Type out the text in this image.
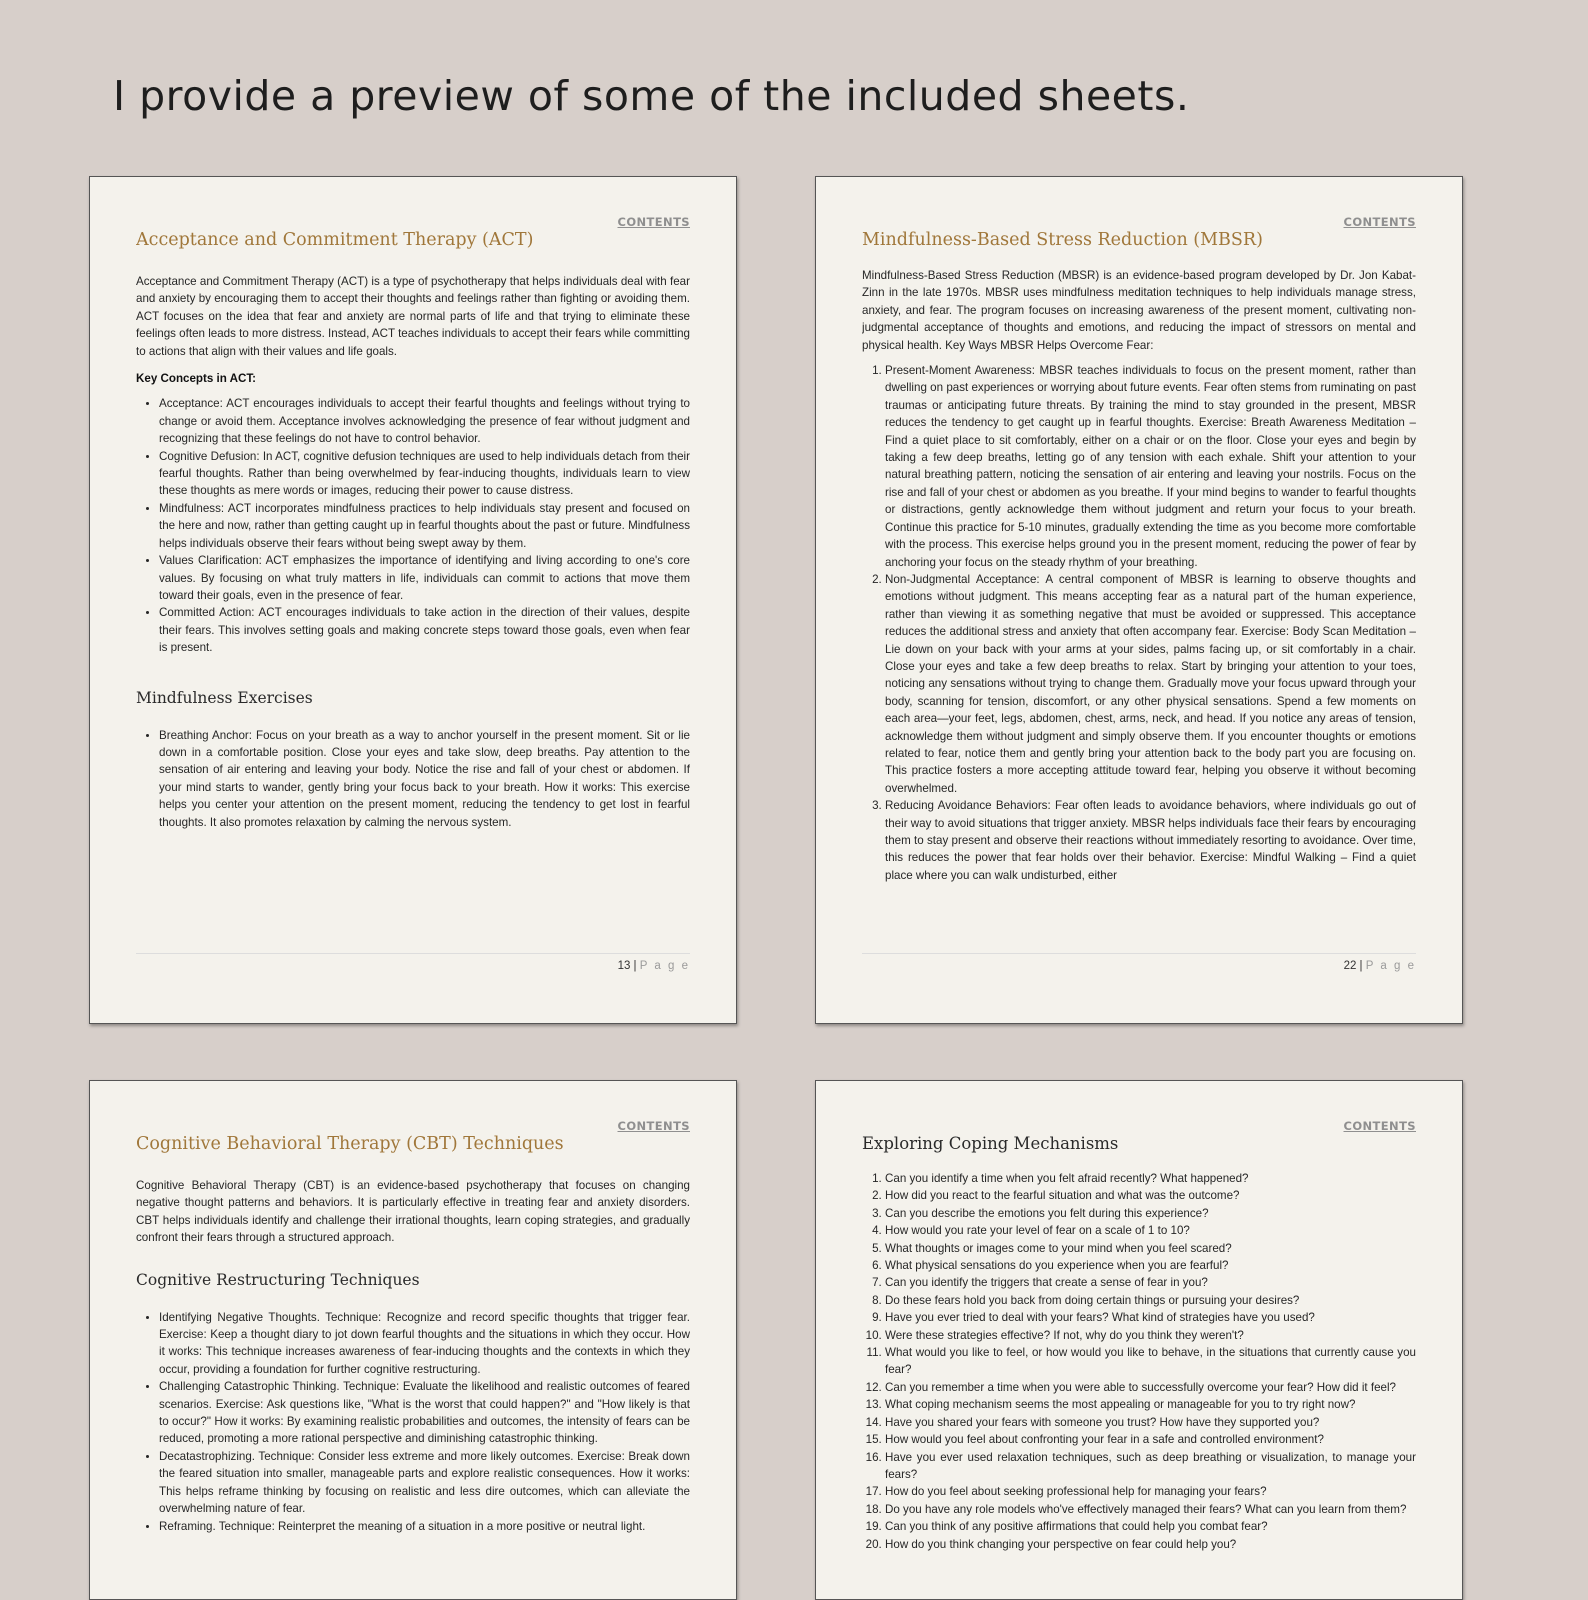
I provide a preview of some of the included sheets.
CONTENTS
Acceptance and Commitment Therapy (ACT)

Acceptance and Commitment Therapy (ACT) is a type of psychotherapy that helps individuals deal with fear and anxiety by encouraging them to accept their thoughts and feelings rather than fighting or avoiding them. ACT focuses on the idea that fear and anxiety are normal parts of life and that trying to eliminate these feelings often leads to more distress. Instead, ACT teaches individuals to accept their fears while committing to actions that align with their values and life goals.

Key Concepts in ACT:

• Acceptance: ACT encourages individuals to accept their fearful thoughts and feelings without trying to change or avoid them. Acceptance involves acknowledging the presence of fear without judgment and recognizing that these feelings do not have to control behavior.
• Cognitive Defusion: In ACT, cognitive defusion techniques are used to help individuals detach from their fearful thoughts. Rather than being overwhelmed by fear-inducing thoughts, individuals learn to view these thoughts as mere words or images, reducing their power to cause distress.
• Mindfulness: ACT incorporates mindfulness practices to help individuals stay present and focused on the here and now, rather than getting caught up in fearful thoughts about the past or future. Mindfulness helps individuals observe their fears without being swept away by them.
• Values Clarification: ACT emphasizes the importance of identifying and living according to one's core values. By focusing on what truly matters in life, individuals can commit to actions that move them toward their goals, even in the presence of fear.
• Committed Action: ACT encourages individuals to take action in the direction of their values, despite their fears. This involves setting goals and making concrete steps toward those goals, even when fear is present.
Mindfulness Exercises
• Breathing Anchor: Focus on your breath as a way to anchor yourself in the present moment. Sit or lie down in a comfortable position. Close your eyes and take slow, deep breaths. Pay attention to the sensation of air entering and leaving your body. Notice the rise and fall of your chest or abdomen. If your mind starts to wander, gently bring your focus back to your breath. How it works: This exercise helps you center your attention on the present moment, reducing the tendency to get lost in fearful thoughts. It also promotes relaxation by calming the nervous system.
13 | P a g e
CONTENTS
Mindfulness-Based Stress Reduction (MBSR)

Mindfulness-Based Stress Reduction (MBSR) is an evidence-based program developed by Dr. Jon Kabat-Zinn in the late 1970s. MBSR uses mindfulness meditation techniques to help individuals manage stress, anxiety, and fear. The program focuses on increasing awareness of the present moment, cultivating non-judgmental acceptance of thoughts and emotions, and reducing the impact of stressors on mental and physical health. Key Ways MBSR Helps Overcome Fear:

1. Present-Moment Awareness: MBSR teaches individuals to focus on the present moment, rather than dwelling on past experiences or worrying about future events. Fear often stems from ruminating on past traumas or anticipating future threats. By training the mind to stay grounded in the present, MBSR reduces the tendency to get caught up in fearful thoughts. Exercise: Breath Awareness Meditation – Find a quiet place to sit comfortably, either on a chair or on the floor. Close your eyes and begin by taking a few deep breaths, letting go of any tension with each exhale. Shift your attention to your natural breathing pattern, noticing the sensation of air entering and leaving your nostrils. Focus on the rise and fall of your chest or abdomen as you breathe. If your mind begins to wander to fearful thoughts or distractions, gently acknowledge them without judgment and return your focus to your breath. Continue this practice for 5-10 minutes, gradually extending the time as you become more comfortable with the process. This exercise helps ground you in the present moment, reducing the power of fear by anchoring your focus on the steady rhythm of your breathing.
2. Non-Judgmental Acceptance: A central component of MBSR is learning to observe thoughts and emotions without judgment. This means accepting fear as a natural part of the human experience, rather than viewing it as something negative that must be avoided or suppressed. This acceptance reduces the additional stress and anxiety that often accompany fear. Exercise: Body Scan Meditation – Lie down on your back with your arms at your sides, palms facing up, or sit comfortably in a chair. Close your eyes and take a few deep breaths to relax. Start by bringing your attention to your toes, noticing any sensations without trying to change them. Gradually move your focus upward through your body, scanning for tension, discomfort, or any other physical sensations. Spend a few moments on each area—your feet, legs, abdomen, chest, arms, neck, and head. If you notice any areas of tension, acknowledge them without judgment and simply observe them. If you encounter thoughts or emotions related to fear, notice them and gently bring your attention back to the body part you are focusing on. This practice fosters a more accepting attitude toward fear, helping you observe it without becoming overwhelmed.
3. Reducing Avoidance Behaviors: Fear often leads to avoidance behaviors, where individuals go out of their way to avoid situations that trigger anxiety. MBSR helps individuals face their fears by encouraging them to stay present and observe their reactions without immediately resorting to avoidance. Over time, this reduces the power that fear holds over their behavior. Exercise: Mindful Walking – Find a quiet place where you can walk undisturbed, either
22 | P a g e
CONTENTS
Cognitive Behavioral Therapy (CBT) Techniques

Cognitive Behavioral Therapy (CBT) is an evidence-based psychotherapy that focuses on changing negative thought patterns and behaviors. It is particularly effective in treating fear and anxiety disorders. CBT helps individuals identify and challenge their irrational thoughts, learn coping strategies, and gradually confront their fears through a structured approach.

Cognitive Restructuring Techniques
• Identifying Negative Thoughts. Technique: Recognize and record specific thoughts that trigger fear. Exercise: Keep a thought diary to jot down fearful thoughts and the situations in which they occur. How it works: This technique increases awareness of fear-inducing thoughts and the contexts in which they occur, providing a foundation for further cognitive restructuring.
• Challenging Catastrophic Thinking. Technique: Evaluate the likelihood and realistic outcomes of feared scenarios. Exercise: Ask questions like, "What is the worst that could happen?" and "How likely is that to occur?" How it works: By examining realistic probabilities and outcomes, the intensity of fears can be reduced, promoting a more rational perspective and diminishing catastrophic thinking.
• Decatastrophizing. Technique: Consider less extreme and more likely outcomes. Exercise: Break down the feared situation into smaller, manageable parts and explore realistic consequences. How it works: This helps reframe thinking by focusing on realistic and less dire outcomes, which can alleviate the overwhelming nature of fear.
• Reframing. Technique: Reinterpret the meaning of a situation in a more positive or neutral light.
CONTENTS
Exploring Coping Mechanisms
1. Can you identify a time when you felt afraid recently? What happened?
2. How did you react to the fearful situation and what was the outcome?
3. Can you describe the emotions you felt during this experience?
4. How would you rate your level of fear on a scale of 1 to 10?
5. What thoughts or images come to your mind when you feel scared?
6. What physical sensations do you experience when you are fearful?
7. Can you identify the triggers that create a sense of fear in you?
8. Do these fears hold you back from doing certain things or pursuing your desires?
9. Have you ever tried to deal with your fears? What kind of strategies have you used?
10. Were these strategies effective? If not, why do you think they weren't?
11. What would you like to feel, or how would you like to behave, in the situations that currently cause you fear?
12. Can you remember a time when you were able to successfully overcome your fear? How did it feel?
13. What coping mechanism seems the most appealing or manageable for you to try right now?
14. Have you shared your fears with someone you trust? How have they supported you?
15. How would you feel about confronting your fear in a safe and controlled environment?
16. Have you ever used relaxation techniques, such as deep breathing or visualization, to manage your fears?
17. How do you feel about seeking professional help for managing your fears?
18. Do you have any role models who've effectively managed their fears? What can you learn from them?
19. Can you think of any positive affirmations that could help you combat fear?
20. How do you think changing your perspective on fear could help you?
